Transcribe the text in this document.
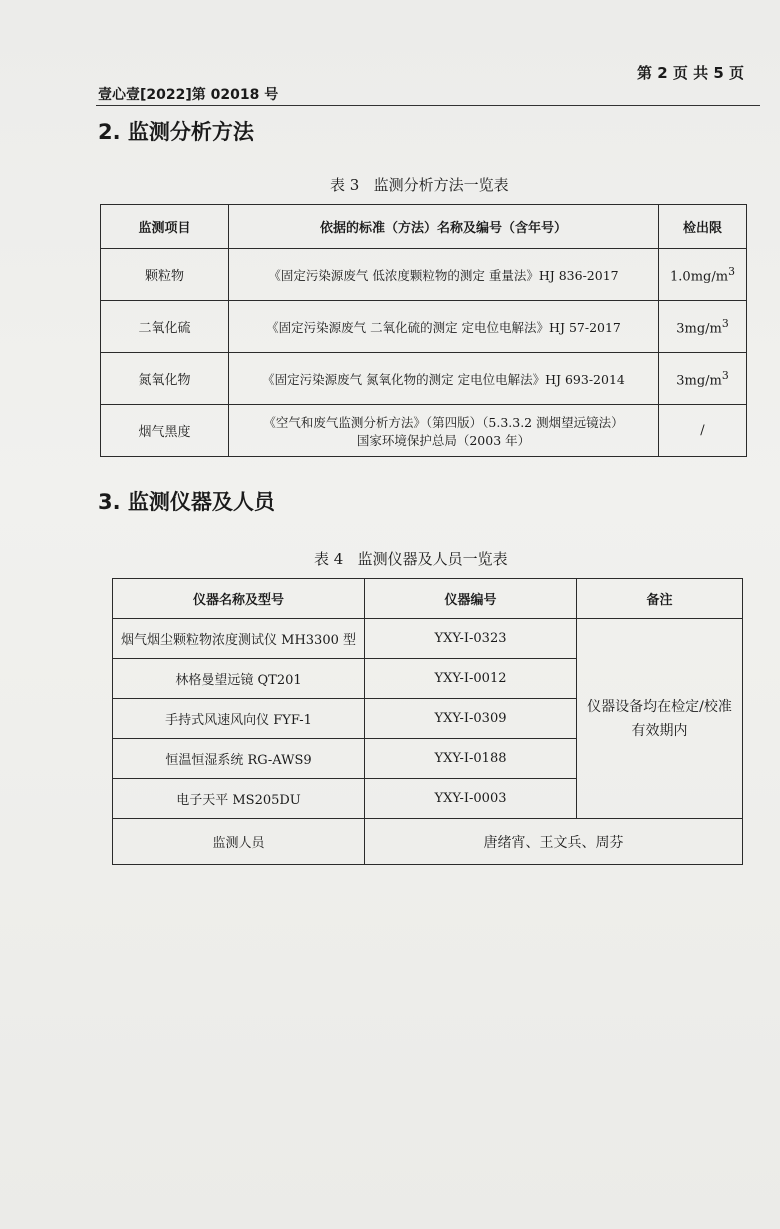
第 2 页 共 5 页
壹心壹[2022]第 02018 号
2. 监测分析方法
表 3   监测分析方法一览表
监测项目	依据的标准（方法）名称及编号（含年号）	检出限
颗粒物	《固定污染源废气 低浓度颗粒物的测定 重量法》HJ 836-2017	$1.0mg/m^3$
二氧化硫	《固定污染源废气 二氧化硫的测定 定电位电解法》HJ 57-2017	$3mg/m^3$
氮氧化物	《固定污染源废气 氮氧化物的测定 定电位电解法》HJ 693-2014	$3mg/m^3$
烟气黑度	《空气和废气监测分析方法》（第四版）（5.3.3.2 测烟望远镜法）
国家环境保护总局（2003 年）	/
3. 监测仪器及人员
表 4   监测仪器及人员一览表
仪器名称及型号	仪器编号	备注
烟气烟尘颗粒物浓度测试仪 MH3300 型	YXY-I-0323	仪器设备均在检定/校准有效期内
林格曼望远镜 QT201	YXY-I-0012	
手持式风速风向仪 FYF-1	YXY-I-0309	
恒温恒湿系统 RG-AWS9	YXY-I-0188	
电子天平 MS205DU	YXY-I-0003	
监测人员	唐绪宵、王文兵、周芬	
